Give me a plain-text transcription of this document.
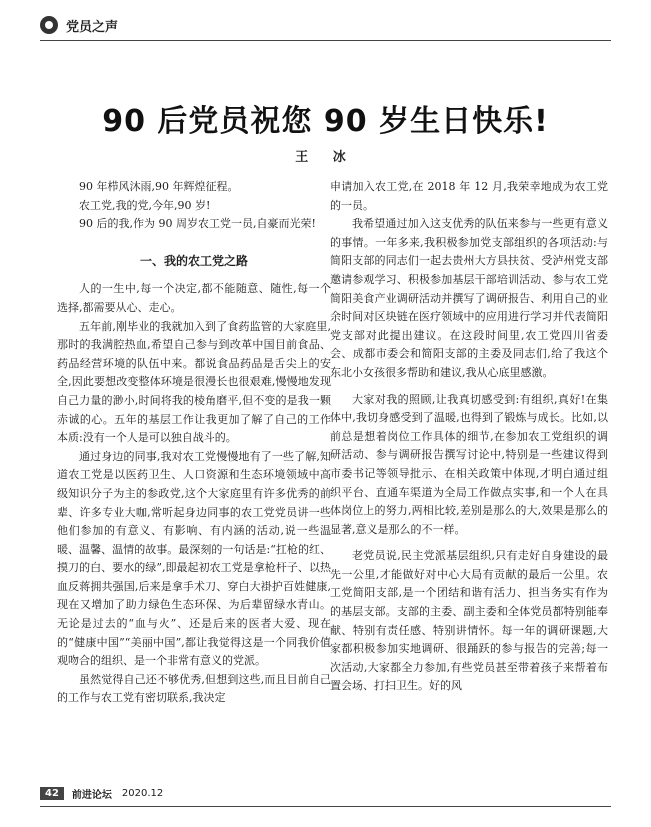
党员之声
90 后党员祝您 90 岁生日快乐!
王 冰

90 年栉风沐雨,90 年辉煌征程。

农工党,我的党,今年,90 岁!

90 后的我,作为 90 周岁农工党一员,自豪而光荣!

一、我的农工党之路

人的一生中,每一个决定,都不能随意、随性,每一个选择,都需要从心、走心。

五年前,刚毕业的我就加入到了食药监管的大家庭里,那时的我满腔热血,希望自己参与到改革中国目前食品、药品经营环境的队伍中来。都说食品药品是舌尖上的安全,因此要想改变整体环境是很漫长也很艰难,慢慢地发现自己力量的渺小,时间将我的棱角磨平,但不变的是我一颗赤诚的心。五年的基层工作让我更加了解了自己的工作本质:没有一个人是可以独自战斗的。

通过身边的同事,我对农工党慢慢地有了一些了解,知道农工党是以医药卫生、人口资源和生态环境领域中高级知识分子为主的参政党,这个大家庭里有许多优秀的前辈、许多专业大咖,常听起身边同事的农工党党员讲一些他们参加的有意义、有影响、有内涵的活动,说一些温暖、温馨、温情的故事。最深刻的一句话是:“扛枪的红、摸刀的白、要水的绿”,即最起初农工党是拿枪杆子、以热血反蒋拥共强国,后来是拿手术刀、穿白大褂护百姓健康,现在又增加了助力绿色生态环保、为后辈留绿水青山。无论是过去的“血与火”、还是后来的医者大爱、现在的“健康中国”“美丽中国”,都让我觉得这是一个同我价值观吻合的组织、是一个非常有意义的党派。

虽然觉得自己还不够优秀,但想到这些,而且目前自己的工作与农工党有密切联系,我决定

申请加入农工党,在 2018 年 12 月,我荣幸地成为农工党的一员。

我希望通过加入这支优秀的队伍来参与一些更有意义的事情。一年多来,我积极参加党支部组织的各项活动:与简阳支部的同志们一起去贵州大方县扶贫、受泸州党支部邀请参观学习、积极参加基层干部培训活动、参与农工党简阳美食产业调研活动并撰写了调研报告、利用自己的业余时间对区块链在医疗领域中的应用进行学习并代表简阳党支部对此提出建议。在这段时间里,农工党四川省委会、成都市委会和简阳支部的主委及同志们,给了我这个东北小女孩很多帮助和建议,我从心底里感激。

大家对我的照顾,让我真切感受到:有组织,真好!在集体中,我切身感受到了温暖,也得到了锻炼与成长。比如,以前总是想着岗位工作具体的细节,在参加农工党组织的调研活动、参与调研报告撰写讨论中,特别是一些建议得到市委书记等领导批示、在相关政策中体现,才明白通过组织平台、直通车渠道为全局工作做点实事,和一个人在具体岗位上的努力,两相比较,差别是那么的大,效果是那么的显著,意义是那么的不一样。

老党员说,民主党派基层组织,只有走好自身建设的最先一公里,才能做好对中心大局有贡献的最后一公里。农工党简阳支部,是一个团结和谐有活力、担当务实有作为的基层支部。支部的主委、副主委和全体党员都特别能奉献、特别有责任感、特别讲情怀。每一年的调研课题,大家都积极参加实地调研、很踊跃的参与报告的完善;每一次活动,大家都全力参加,有些党员甚至带着孩子来帮着布置会场、打扫卫生。好的风

42	前进论坛 2020.12
